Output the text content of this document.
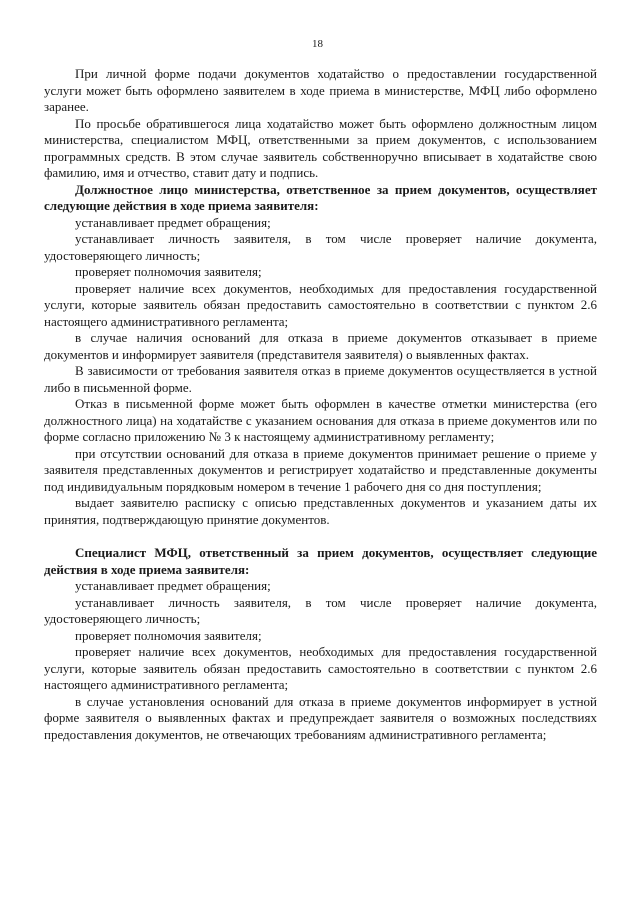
18

При личной форме подачи документов ходатайство о предоставлении государственной услуги может быть оформлено заявителем в ходе приема в министерстве, МФЦ либо оформлено заранее.

По просьбе обратившегося лица ходатайство может быть оформлено должностным лицом министерства, специалистом МФЦ, ответственными за прием документов, с использованием программных средств. В этом случае заявитель собственноручно вписывает в ходатайстве свою фамилию, имя и отчество, ставит дату и подпись.

Должностное лицо министерства, ответственное за прием документов, осуществляет следующие действия в ходе приема заявителя:

устанавливает предмет обращения;

устанавливает личность заявителя, в том числе проверяет наличие документа, удостоверяющего личность;

проверяет полномочия заявителя;

проверяет наличие всех документов, необходимых для предоставления государственной услуги, которые заявитель обязан предоставить самостоятельно в соответствии с пунктом 2.6 настоящего административного регламента;

в случае наличия оснований для отказа в приеме документов отказывает в приеме документов и информирует заявителя (представителя заявителя) о выявленных фактах.

В зависимости от требования заявителя отказ в приеме документов осуществляется в устной либо в письменной форме.

Отказ в письменной форме может быть оформлен в качестве отметки министерства (его должностного лица) на ходатайстве с указанием основания для отказа в приеме документов или по форме согласно приложению № 3 к настоящему административному регламенту;

при отсутствии оснований для отказа в приеме документов принимает решение о приеме у заявителя представленных документов и регистрирует ходатайство и представленные документы под индивидуальным порядковым номером в течение 1 рабочего дня со дня поступления;

выдает заявителю расписку с описью представленных документов и указанием даты их принятия, подтверждающую принятие документов.

Специалист МФЦ, ответственный за прием документов, осуществляет следующие действия в ходе приема заявителя:

устанавливает предмет обращения;

устанавливает личность заявителя, в том числе проверяет наличие документа, удостоверяющего личность;

проверяет полномочия заявителя;

проверяет наличие всех документов, необходимых для предоставления государственной услуги, которые заявитель обязан предоставить самостоятельно в соответствии с пунктом 2.6 настоящего административного регламента;

в случае установления оснований для отказа в приеме документов информирует в устной форме заявителя о выявленных фактах и предупреждает заявителя о возможных последствиях предоставления документов, не отвечающих требованиям административного регламента;
